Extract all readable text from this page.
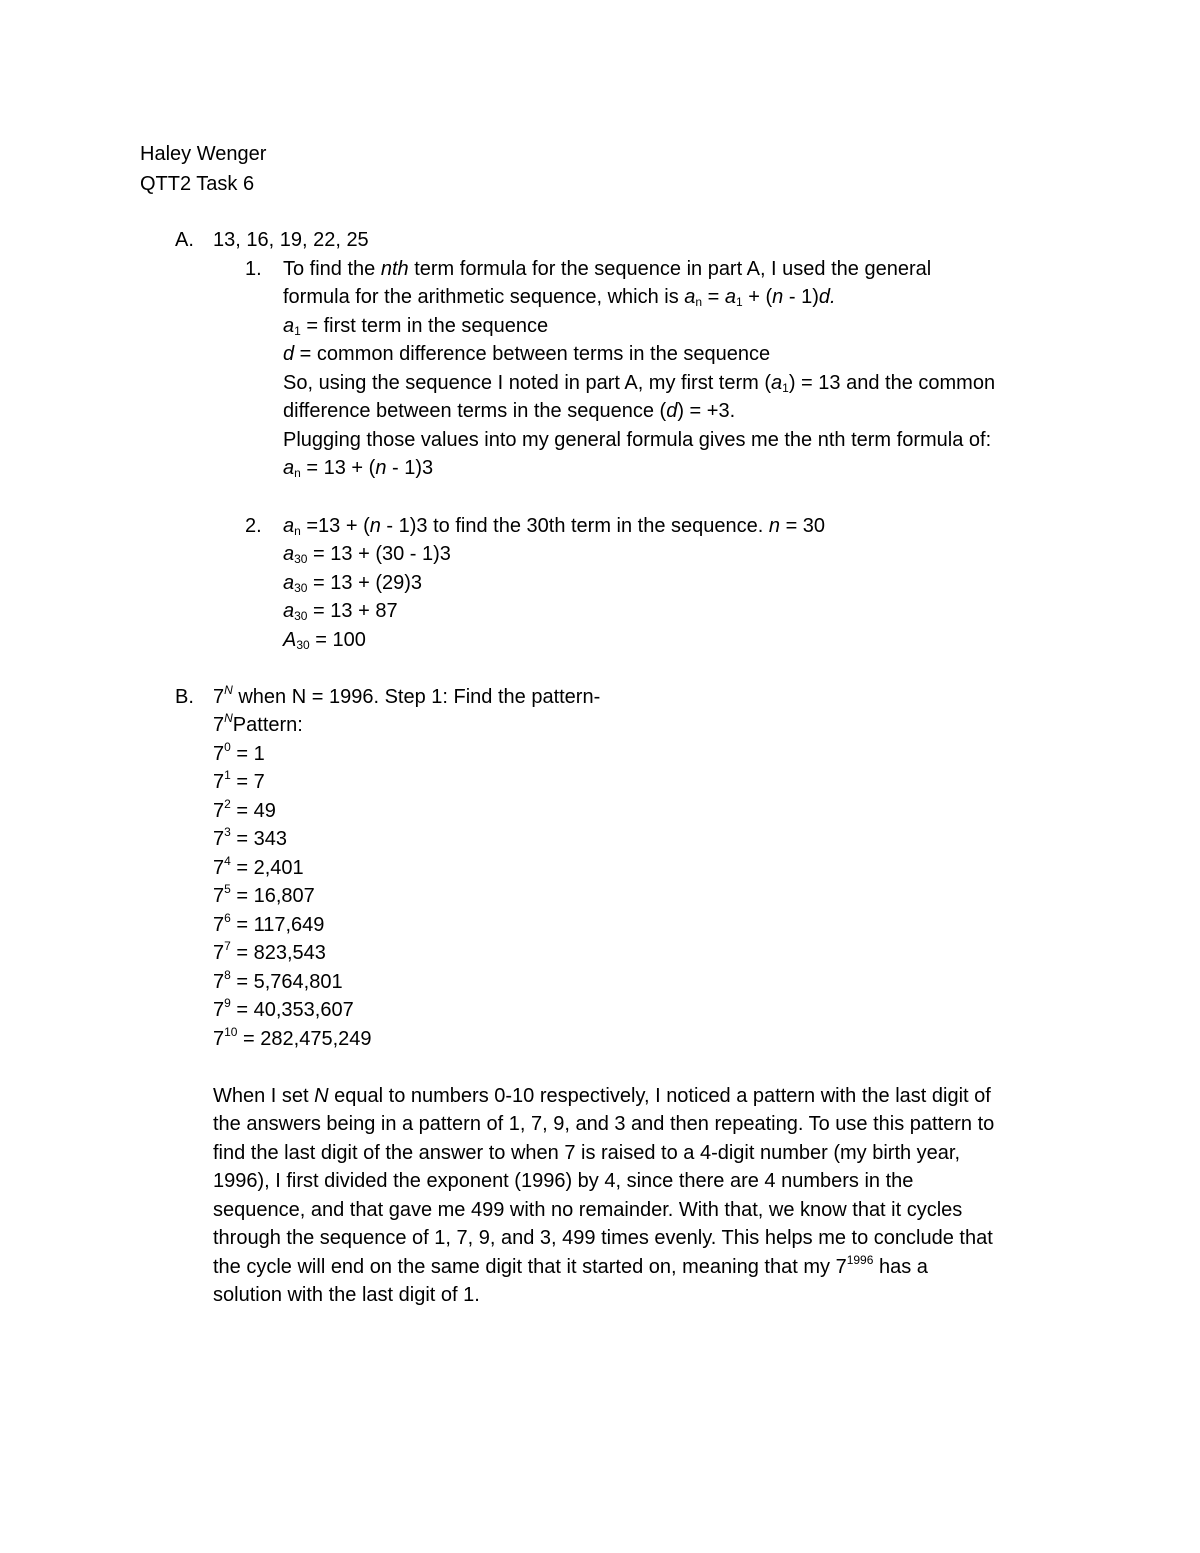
Haley Wenger
QTT2 Task 6
A. 13, 16, 19, 22, 25
1. To find the nth term formula for the sequence in part A, I used the general
formula for the arithmetic sequence, which is $a_n = a_1 + (n - 1)d$.
$a_1$ = first term in the sequence
d = common difference between terms in the sequence
So, using the sequence I noted in part A, my first term $(a_1) = 13$ and the common
difference between terms in the sequence (d) = +3.
Plugging those values into my general formula gives me the nth term formula of:
$a_n = 13 + (n - 1)3$
2. $a_n =13 + (n - 1)3$ to find the 30th term in the sequence. n = 30
$a_{30} = 13 + (30 - 1)3$
$a_{30} = 13 + (29)3$
$a_{30} = 13 + 87$
$A_{30} = 100$
B. $7^N$ when N = 1996. Step 1: Find the pattern-
$7^NPattern$:
$7^0 = 1$
$7^1 = 7$
$7^2 = 49$
$7^3 = 343$
$7^4 = 2,401$
$7^5 = 16,807$
$7^6 = 117,649$
$7^7 = 823,543$
$7^8 = 5,764,801$
$7^9 = 40,353,607$
$7^{10} = 282,475,249$
When I set N equal to numbers 0-10 respectively, I noticed a pattern with the last digit of
the answers being in a pattern of 1, 7, 9, and 3 and then repeating. To use this pattern to
find the last digit of the answer to when 7 is raised to a 4-digit number (my birth year,
1996), I first divided the exponent (1996) by 4, since there are 4 numbers in the
sequence, and that gave me 499 with no remainder. With that, we know that it cycles
through the sequence of 1, 7, 9, and 3, 499 times evenly. This helps me to conclude that
the cycle will end on the same digit that it started on, meaning that my $7^{1996}$ has a
solution with the last digit of 1.
